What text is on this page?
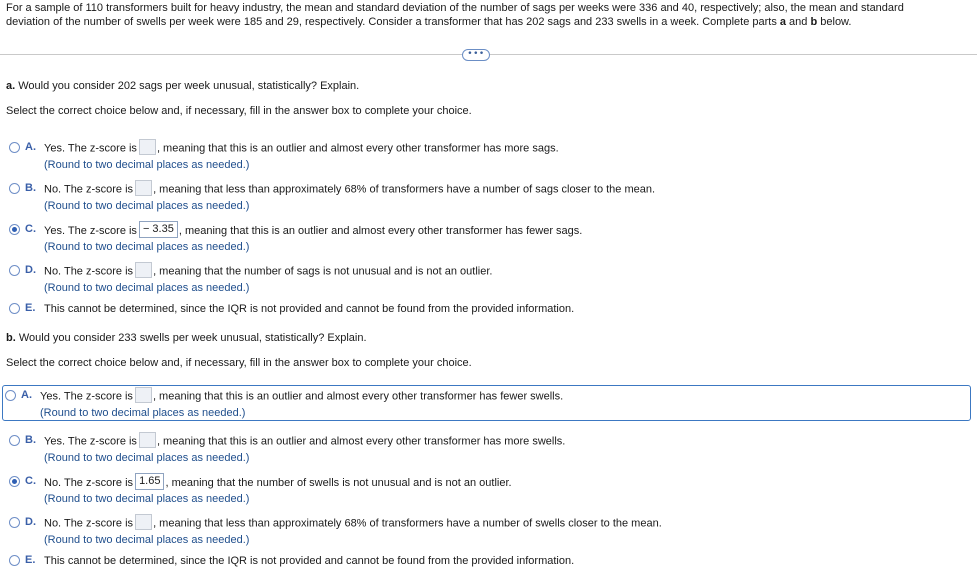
For a sample of 110 transformers built for heavy industry, the mean and standard deviation of the number of sags per weeks were 336 and 40, respectively; also, the mean and standard
deviation of the number of swells per week were 185 and 29, respectively. Consider a transformer that has 202 sags and 233 swells in a week. Complete parts a and b below.
•••
a. Would you consider 202 sags per week unusual, statistically? Explain.
Select the correct choice below and, if necessary, fill in the answer box to complete your choice.
A. Yes. The z-score is , meaning that this is an outlier and almost every other transformer has more sags.
(Round to two decimal places as needed.)
B. No. The z-score is , meaning that less than approximately 68% of transformers have a number of sags closer to the mean.
(Round to two decimal places as needed.)
C. Yes. The z-score is − 3.35 , meaning that this is an outlier and almost every other transformer has fewer sags.
(Round to two decimal places as needed.)
D. No. The z-score is , meaning that the number of sags is not unusual and is not an outlier.
(Round to two decimal places as needed.)
E. This cannot be determined, since the IQR is not provided and cannot be found from the provided information.
b. Would you consider 233 swells per week unusual, statistically? Explain.
Select the correct choice below and, if necessary, fill in the answer box to complete your choice.
A. Yes. The z-score is , meaning that this is an outlier and almost every other transformer has fewer swells.
(Round to two decimal places as needed.)
B. Yes. The z-score is , meaning that this is an outlier and almost every other transformer has more swells.
(Round to two decimal places as needed.)
C. No. The z-score is 1.65 , meaning that the number of swells is not unusual and is not an outlier.
(Round to two decimal places as needed.)
D. No. The z-score is , meaning that less than approximately 68% of transformers have a number of swells closer to the mean.
(Round to two decimal places as needed.)
E. This cannot be determined, since the IQR is not provided and cannot be found from the provided information.
